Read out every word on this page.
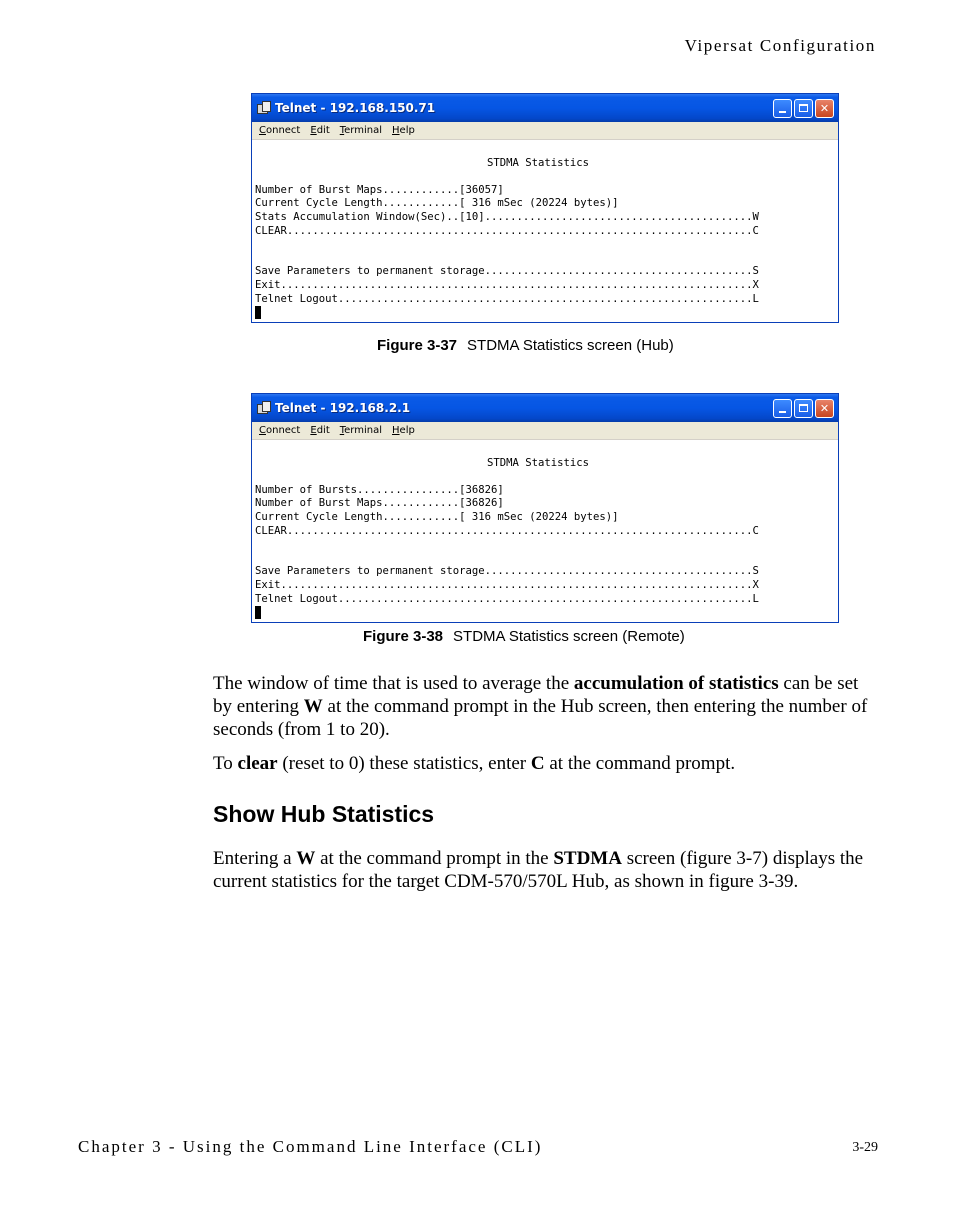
Vipersat Configuration
Telnet - 192.168.150.71	✕
Connect Edit Terminal Help
STDMA Statistics
Number of Burst Maps............[36057]
Current Cycle Length............[ 316 mSec (20224 bytes)]
Stats Accumulation Window(Sec)..[10]..........................................W
CLEAR.........................................................................C
Save Parameters to permanent storage..........................................S
Exit..........................................................................X
Telnet Logout.................................................................L
Figure 3-37 STDMA Statistics screen (Hub)
Telnet - 192.168.2.1	✕
Connect Edit Terminal Help
STDMA Statistics
Number of Bursts................[36826]
Number of Burst Maps............[36826]
Current Cycle Length............[ 316 mSec (20224 bytes)]
CLEAR.........................................................................C
Save Parameters to permanent storage..........................................S
Exit..........................................................................X
Telnet Logout.................................................................L
Figure 3-38 STDMA Statistics screen (Remote)
The window of time that is used to average the accumulation of statistics can be set by entering W at the command prompt in the Hub screen, then entering the number of seconds (from 1 to 20).
To clear (reset to 0) these statistics, enter C at the command prompt.
Show Hub Statistics
Entering a W at the command prompt in the STDMA screen (figure 3-7) displays the current statistics for the target CDM-570/570L Hub, as shown in figure 3-39.
Chapter 3 - Using the Command Line Interface (CLI)	3-29
